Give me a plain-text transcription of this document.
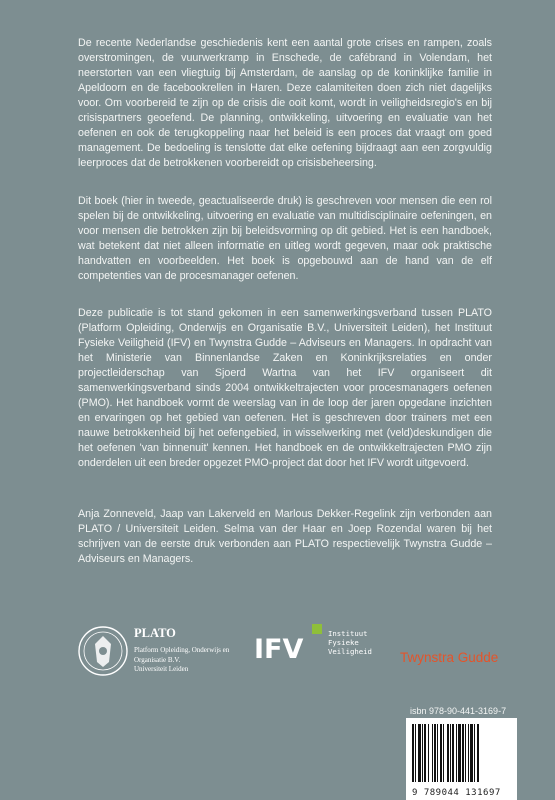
De recente Nederlandse geschiedenis kent een aantal grote crises en rampen, zoals overstromingen, de vuurwerkramp in Enschede, de cafébrand in Volendam, het neerstorten van een vliegtuig bij Amsterdam, de aanslag op de koninklijke familie in Apeldoorn en de facebookrellen in Haren. Deze calamiteiten doen zich niet dagelijks voor. Om voorbereid te zijn op de crisis die ooit komt, wordt in veiligheidsregio's en bij crisispartners geoefend. De planning, ontwikkeling, uitvoering en evaluatie van het oefenen en ook de terugkoppeling naar het beleid is een proces dat vraagt om goed management. De bedoeling is tenslotte dat elke oefening bijdraagt aan een zorgvuldig leerproces dat de betrokkenen voorbereidt op crisisbeheersing.
Dit boek (hier in tweede, geactualiseerde druk) is geschreven voor mensen die een rol spelen bij de ontwikkeling, uitvoering en evaluatie van multidisciplinaire oefeningen, en voor mensen die betrokken zijn bij beleidsvorming op dit gebied. Het is een handboek, wat betekent dat niet alleen informatie en uitleg wordt gegeven, maar ook praktische handvatten en voorbeelden. Het boek is opgebouwd aan de hand van de elf competenties van de procesmanager oefenen.
Deze publicatie is tot stand gekomen in een samenwerkingsverband tussen PLATO (Platform Opleiding, Onderwijs en Organisatie B.V., Universiteit Leiden), het Instituut Fysieke Veiligheid (IFV) en Twynstra Gudde – Adviseurs en Managers. In opdracht van het Ministerie van Binnenlandse Zaken en Koninkrijksrelaties en onder projectleiderschap van Sjoerd Wartna van het IFV organiseert dit samenwerkingsverband sinds 2004 ontwikkeltrajecten voor procesmanagers oefenen (PMO). Het handboek vormt de weerslag van in de loop der jaren opgedane inzichten en ervaringen op het gebied van oefenen. Het is geschreven door trainers met een nauwe betrokkenheid bij het oefengebied, in wisselwerking met (veld)deskundigen die het oefenen 'van binnenuit' kennen. Het handboek en de ontwikkeltrajecten PMO zijn onderdelen uit een breder opgezet PMO-project dat door het IFV wordt uitgevoerd.
Anja Zonneveld, Jaap van Lakerveld en Marlous Dekker-Regelink zijn verbonden aan PLATO / Universiteit Leiden. Selma van der Haar en Joep Rozendal waren bij het schrijven van de eerste druk verbonden aan PLATO respectievelijk Twynstra Gudde – Adviseurs en Managers.
PLATO
Platform Opleiding, Onderwijs en
Organisatie B.V.
Universiteit Leiden
IFV
Instituut
Fysieke
Veiligheid Twynstra Gudde
isbn 978-90-441-3169-7
9 789044 131697
